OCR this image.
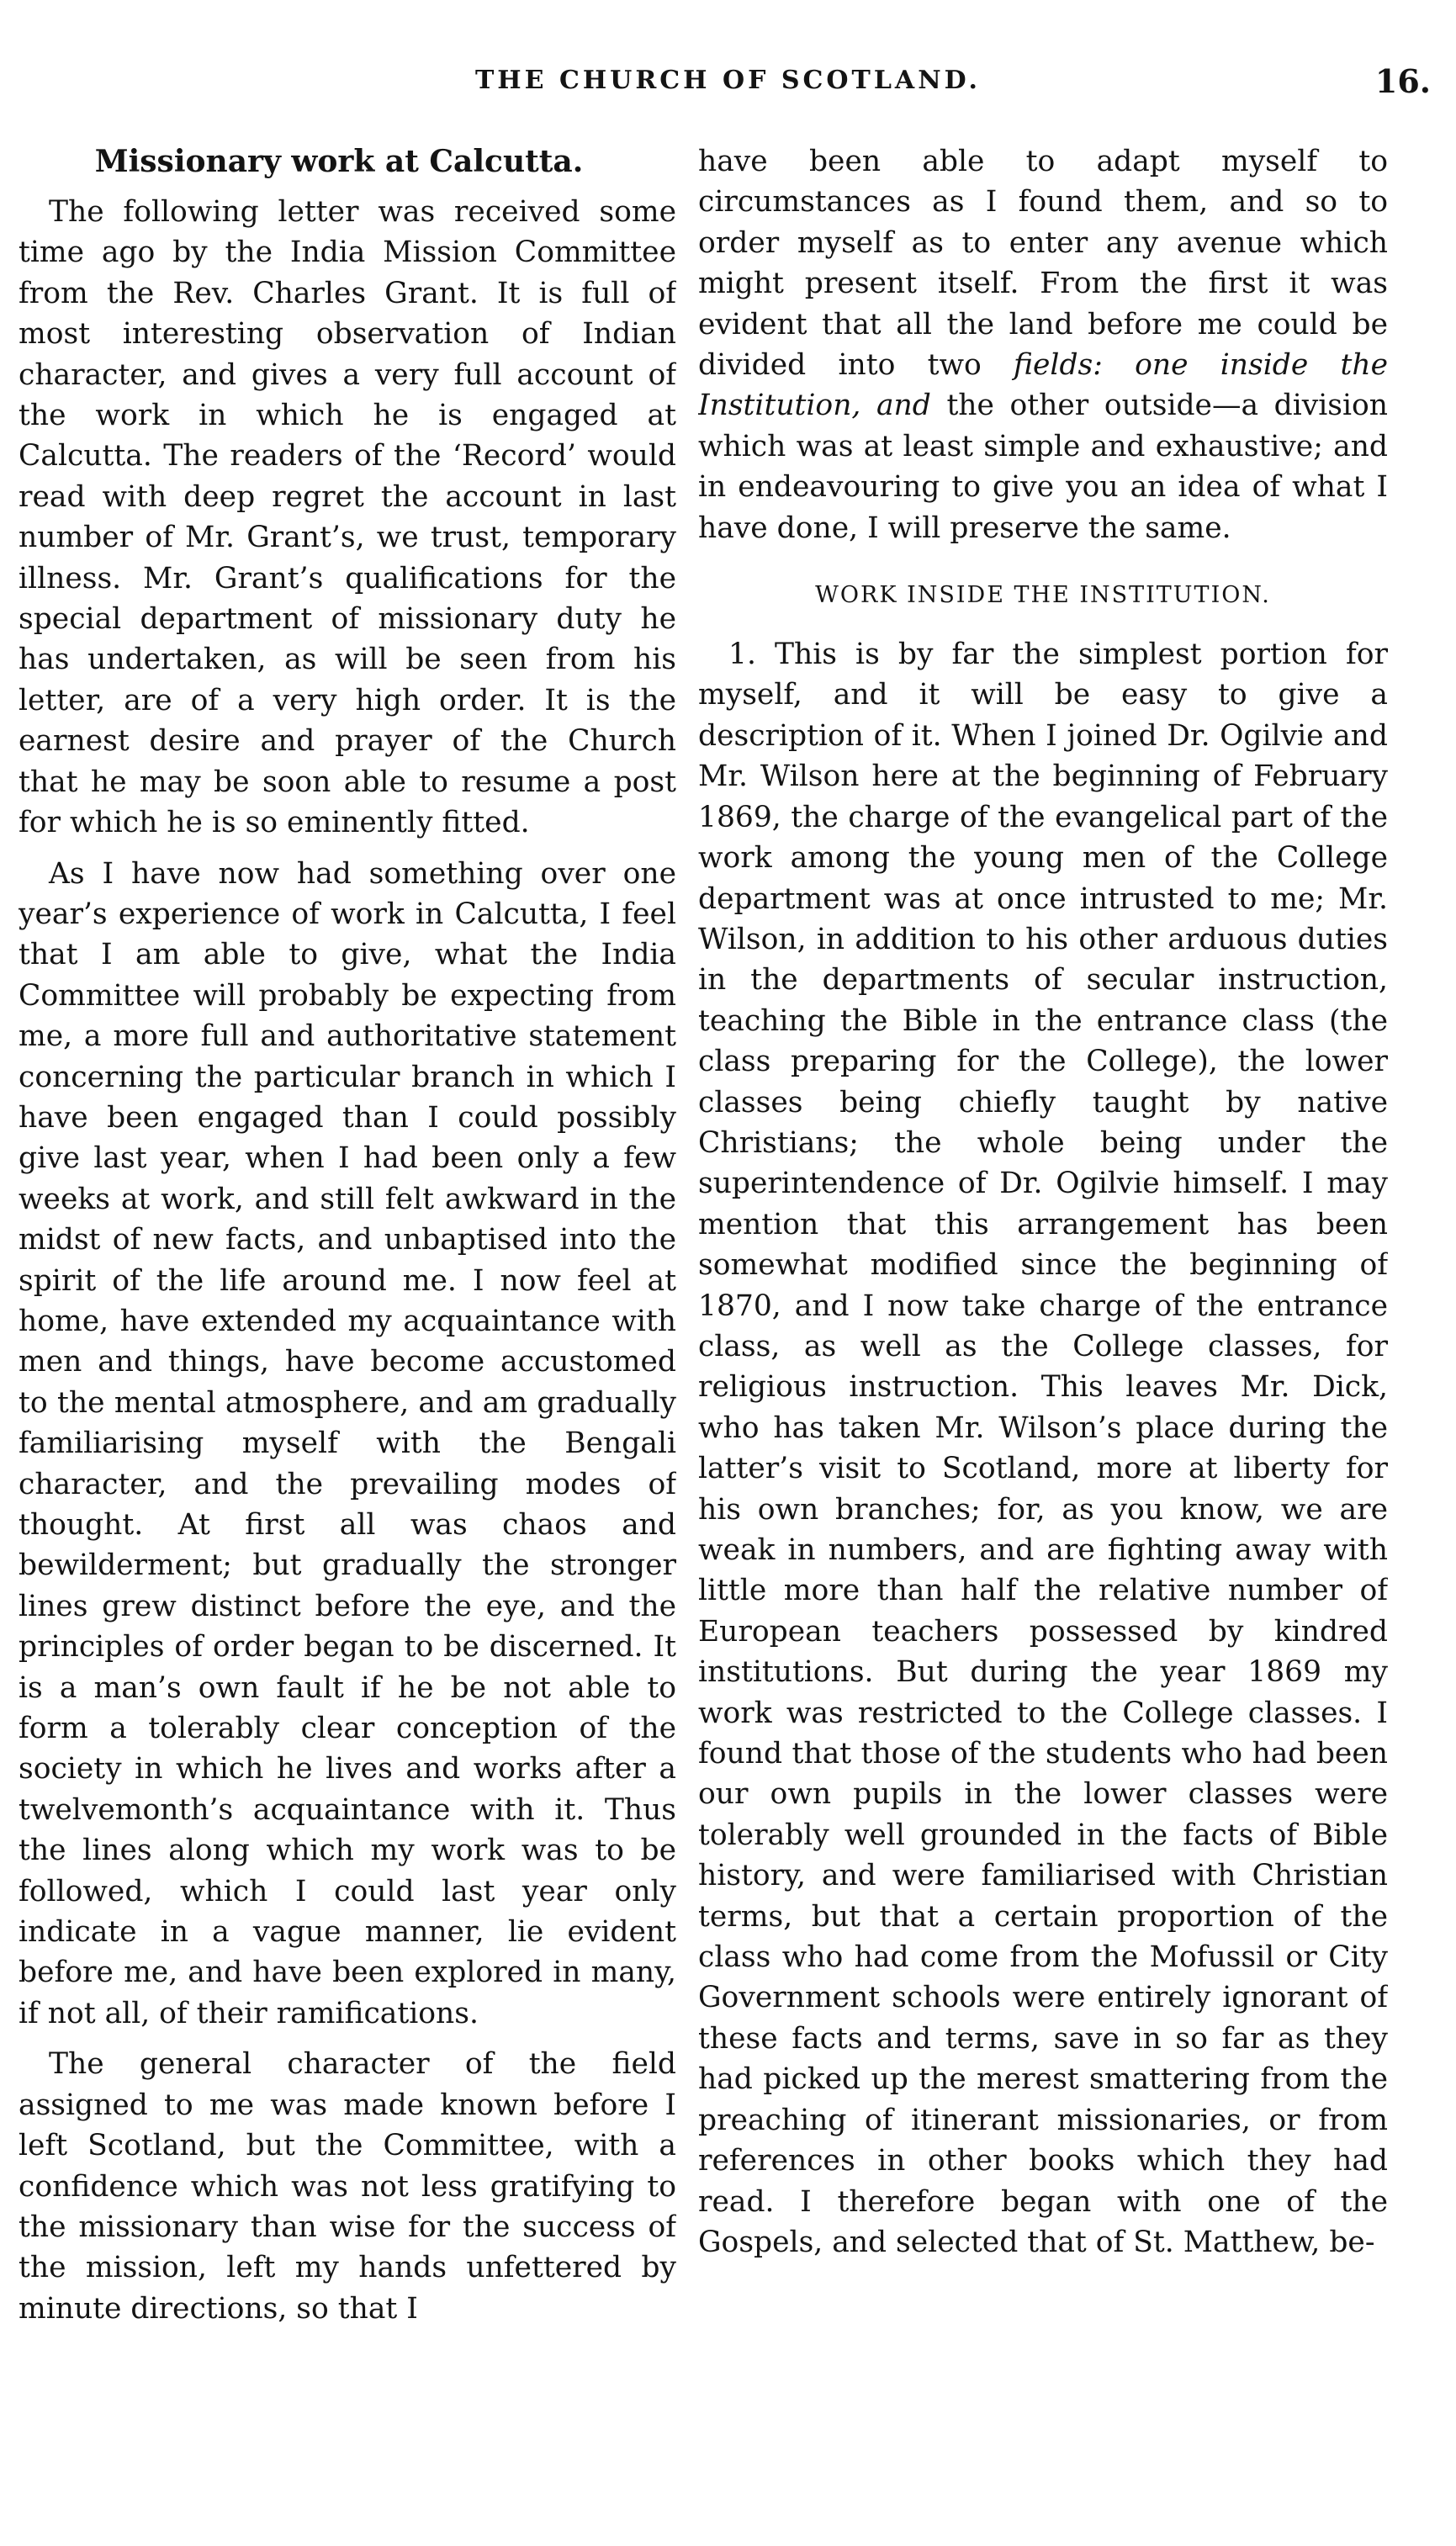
THE CHURCH OF SCOTLAND.	16.
Missionary work at Calcutta.

The following letter was received some time ago by the India Mission Committee from the Rev. Charles Grant. It is full of most interesting observation of Indian character, and gives a very full account of the work in which he is engaged at Calcutta. The readers of the ‘Record’ would read with deep regret the account in last number of Mr. Grant’s, we trust, temporary illness. Mr. Grant’s qualifications for the special department of missionary duty he has undertaken, as will be seen from his letter, are of a very high order. It is the earnest desire and prayer of the Church that he may be soon able to resume a post for which he is so eminently fitted.

As I have now had something over one year’s experience of work in Calcutta, I feel that I am able to give, what the India Committee will probably be expecting from me, a more full and authoritative statement concerning the particular branch in which I have been engaged than I could possibly give last year, when I had been only a few weeks at work, and still felt awkward in the midst of new facts, and unbaptised into the spirit of the life around me. I now feel at home, have extended my acquaintance with men and things, have become accustomed to the mental atmosphere, and am gradually familiarising myself with the Bengali character, and the prevailing modes of thought. At first all was chaos and bewilderment; but gradually the stronger lines grew distinct before the eye, and the principles of order began to be discerned. It is a man’s own fault if he be not able to form a tolerably clear conception of the society in which he lives and works after a twelvemonth’s acquaintance with it. Thus the lines along which my work was to be followed, which I could last year only indicate in a vague manner, lie evident before me, and have been explored in many, if not all, of their ramifications.

The general character of the field assigned to me was made known before I left Scotland, but the Committee, with a confidence which was not less gratifying to the missionary than wise for the success of the mission, left my hands unfettered by minute directions, so that I

have been able to adapt myself to circumstances as I found them, and so to order myself as to enter any avenue which might present itself. From the first it was evident that all the land before me could be divided into two fields: one inside the Institution, and the other outside—a division which was at least simple and exhaustive; and in endeavouring to give you an idea of what I have done, I will preserve the same.

WORK INSIDE THE INSTITUTION.

1. This is by far the simplest portion for myself, and it will be easy to give a description of it. When I joined Dr. Ogilvie and Mr. Wilson here at the beginning of February 1869, the charge of the evangelical part of the work among the young men of the College department was at once intrusted to me; Mr. Wilson, in addition to his other arduous duties in the departments of secular instruction, teaching the Bible in the entrance class (the class preparing for the College), the lower classes being chiefly taught by native Christians; the whole being under the superintendence of Dr. Ogilvie himself. I may mention that this arrangement has been somewhat modified since the beginning of 1870, and I now take charge of the entrance class, as well as the College classes, for religious instruction. This leaves Mr. Dick, who has taken Mr. Wilson’s place during the latter’s visit to Scotland, more at liberty for his own branches; for, as you know, we are weak in numbers, and are fighting away with little more than half the relative number of European teachers possessed by kindred institutions. But during the year 1869 my work was restricted to the College classes. I found that those of the students who had been our own pupils in the lower classes were tolerably well grounded in the facts of Bible history, and were familiarised with Christian terms, but that a certain proportion of the class who had come from the Mofussil or City Government schools were entirely ignorant of these facts and terms, save in so far as they had picked up the merest smattering from the preaching of itinerant missionaries, or from references in other books which they had read. I therefore began with one of the Gospels, and selected that of St. Matthew, be-
